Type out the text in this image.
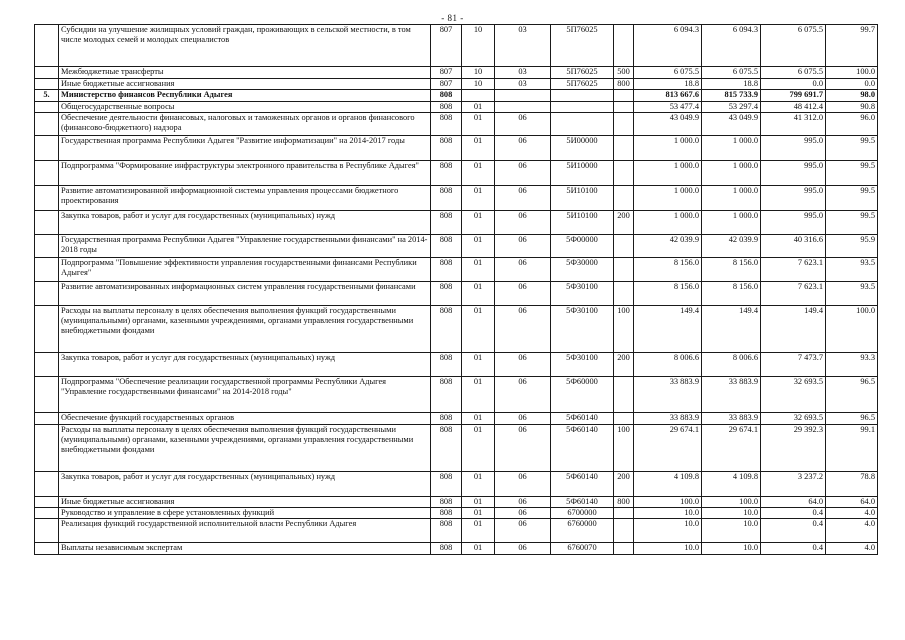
- 81 -
	Субсидии на улучшение жилищных условий граждан, проживающих в сельской местности, в том числе молодых семей и молодых специалистов	807	10	03	5П76025		6 094.3	6 094.3	6 075.5	99.7
	Межбюджетные трансферты	807	10	03	5П76025	500	6 075.5	6 075.5	6 075.5	100.0
	Иные бюджетные ассигнования	807	10	03	5П76025	800	18.8	18.8	0.0	0.0
5.	Министерство финансов Республики Адыгея	808					813 667.6	815 733.9	799 691.7	98.0
	Общегосударственные вопросы	808	01				53 477.4	53 297.4	48 412.4	90.8
	Обеспечение деятельности финансовых, налоговых и таможенных органов и органов финансового (финансово-бюджетного) надзора	808	01	06			43 049.9	43 049.9	41 312.0	96.0
	Государственная программа Республики Адыгея "Развитие информатизации" на 2014-2017 годы	808	01	06	5И00000		1 000.0	1 000.0	995.0	99.5
	Подпрограмма "Формирование инфраструктуры электронного правительства в Республике Адыгея"	808	01	06	5И10000		1 000.0	1 000.0	995.0	99.5
	Развитие автоматизированной информационной системы управления процессами бюджетного проектирования	808	01	06	5И10100		1 000.0	1 000.0	995.0	99.5
	Закупка товаров, работ и услуг для государственных (муниципальных) нужд	808	01	06	5И10100	200	1 000.0	1 000.0	995.0	99.5
	Государственная программа Республики Адыгея "Управление государственными финансами" на 2014-2018 годы	808	01	06	5Ф00000		42 039.9	42 039.9	40 316.6	95.9
	Подпрограмма "Повышение эффективности управления государственными финансами Республики Адыгея"	808	01	06	5Ф30000		8 156.0	8 156.0	7 623.1	93.5
	Развитие автоматизированных информационных систем управления государственными финансами	808	01	06	5Ф30100		8 156.0	8 156.0	7 623.1	93.5
	Расходы на выплаты персоналу в целях обеспечения выполнения функций государственными (муниципальными) органами, казенными учреждениями, органами управления государственными внебюджетными фондами	808	01	06	5Ф30100	100	149.4	149.4	149.4	100.0
	Закупка товаров, работ и услуг для государственных (муниципальных) нужд	808	01	06	5Ф30100	200	8 006.6	8 006.6	7 473.7	93.3
	Подпрограмма "Обеспечение реализации государственной программы Республики Адыгея "Управление государственными финансами" на 2014-2018 годы"	808	01	06	5Ф60000		33 883.9	33 883.9	32 693.5	96.5
	Обеспечение функций государственных органов	808	01	06	5Ф60140		33 883.9	33 883.9	32 693.5	96.5
	Расходы на выплаты персоналу в целях обеспечения выполнения функций государственными (муниципальными) органами, казенными учреждениями, органами управления государственными внебюджетными фондами	808	01	06	5Ф60140	100	29 674.1	29 674.1	29 392.3	99.1
	Закупка товаров, работ и услуг для государственных (муниципальных) нужд	808	01	06	5Ф60140	200	4 109.8	4 109.8	3 237.2	78.8
	Иные бюджетные ассигнования	808	01	06	5Ф60140	800	100.0	100.0	64.0	64.0
	Руководство и управление в сфере установленных функций	808	01	06	6700000		10.0	10.0	0.4	4.0
	Реализация функций государственной исполнительной власти Республики Адыгея	808	01	06	6760000		10.0	10.0	0.4	4.0
	Выплаты независимым экспертам	808	01	06	6760070		10.0	10.0	0.4	4.0
